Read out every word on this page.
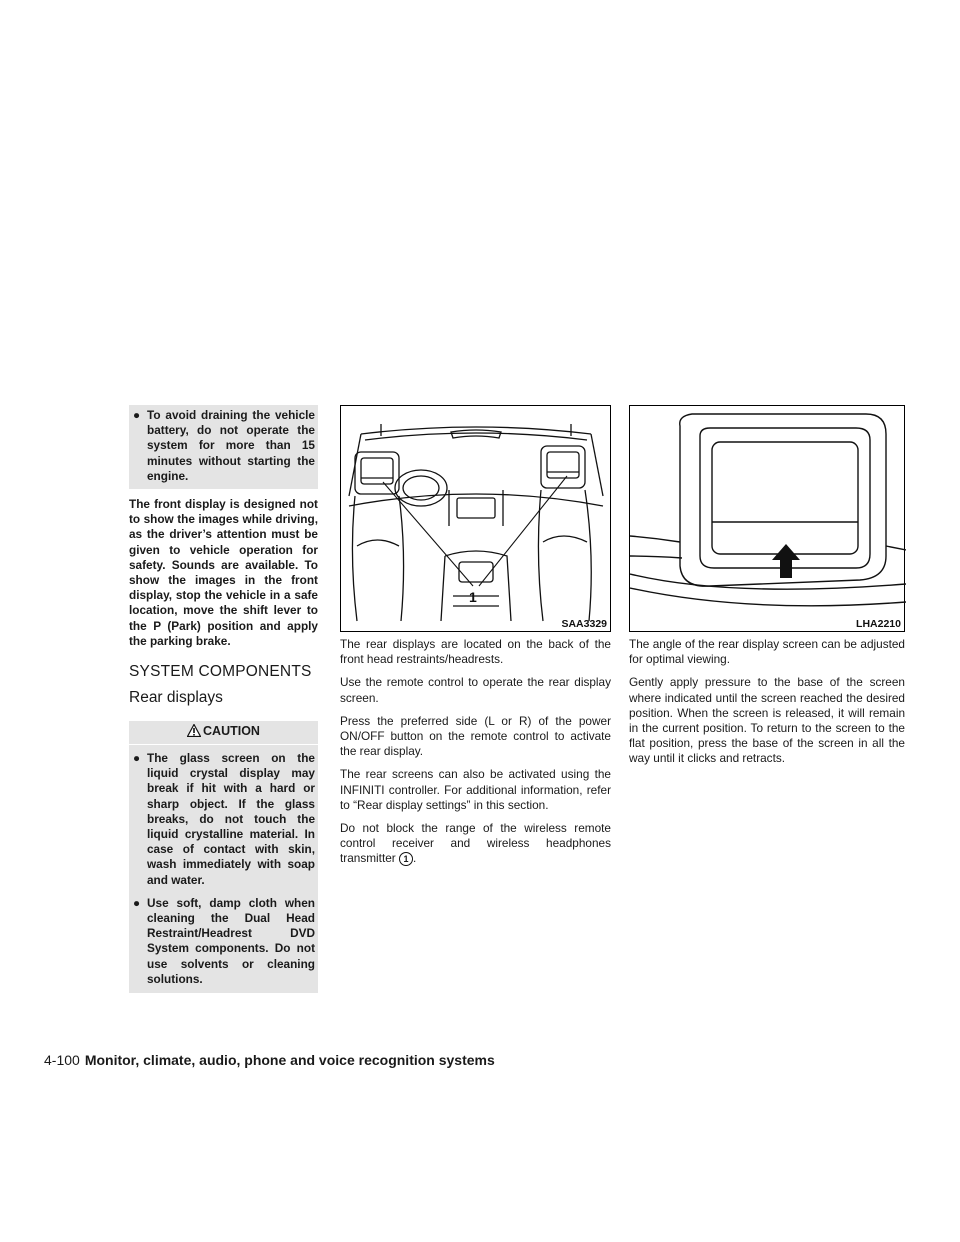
● To avoid draining the vehicle battery, do not operate the system for more than 15 minutes without starting the engine.

The front display is designed not to show the images while driving, as the driver’s attention must be given to vehicle operation for safety. Sounds are available. To show the images in the front display, stop the vehicle in a safe location, move the shift lever to the P (Park) position and apply the parking brake.

SYSTEM COMPONENTS
Rear displays
CAUTION
● The glass screen on the liquid crystal display may break if hit with a hard or sharp object. If the glass breaks, do not touch the liquid crystalline material. In case of contact with skin, wash immediately with soap and water.
● Use soft, damp cloth when cleaning the Dual Head Restraint/Headrest DVD System components. Do not use solvents or cleaning solutions.
1
SAA3329

The rear displays are located on the back of the front head restraints/headrests.

Use the remote control to operate the rear display screen.

Press the preferred side (L or R) of the power ON/OFF button on the remote control to activate the rear display.

The rear screens can also be activated using the INFINITI controller. For additional information, refer to “Rear display settings” in this section.

Do not block the range of the wireless remote control receiver and wireless headphones transmitter 1 .

LHA2210

The angle of the rear display screen can be adjusted for optimal viewing.

Gently apply pressure to the base of the screen where indicated until the screen reached the desired position. When the screen is released, it will remain in the current position. To return to the screen to the flat position, press the base of the screen in all the way until it clicks and retracts.

4-100 Monitor, climate, audio, phone and voice recognition systems
